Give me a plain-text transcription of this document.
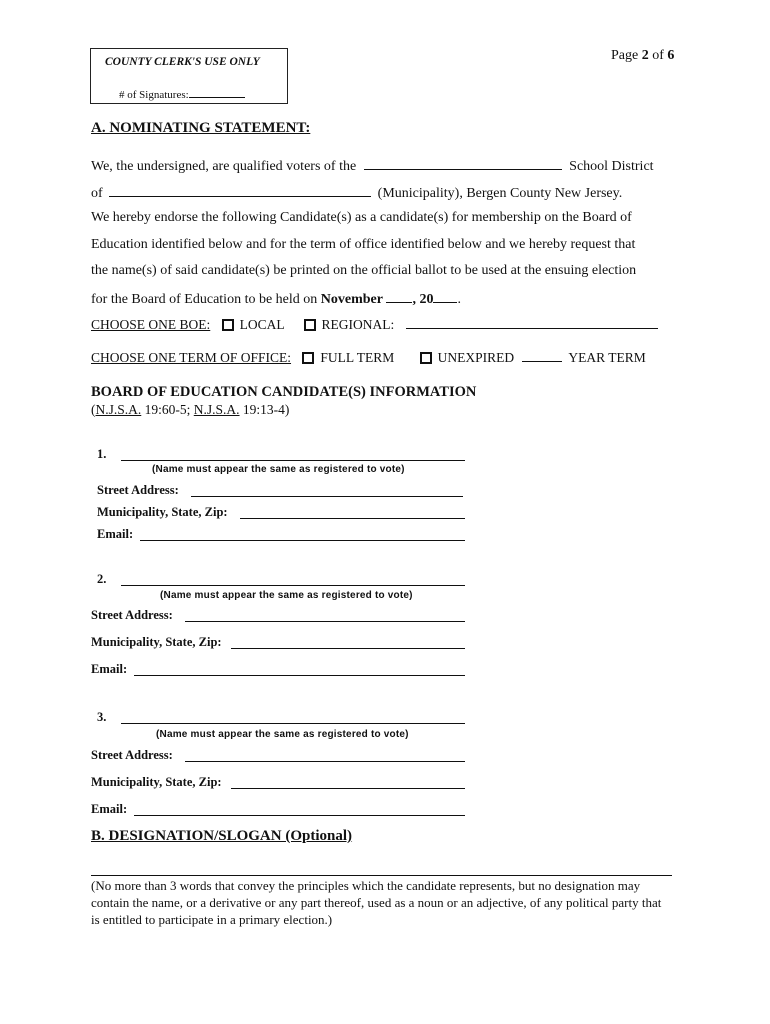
COUNTY CLERK'S USE ONLY
# of Signatures:
Page 2 of 6
A. NOMINATING STATEMENT:
We, the undersigned, are qualified voters of the	School District
of	(Municipality), Bergen County New Jersey.
We hereby endorse the following Candidate(s) as a candidate(s) for membership on the Board of
Education identified below and for the term of office identified below and we hereby request that
the name(s) of said candidate(s) be printed on the official ballot to be used at the ensuing election
for the Board of Education to be held on November , 20 .
CHOOSE ONE BOE: LOCAL	REGIONAL:
CHOOSE ONE TERM OF OFFICE: FULL TERM	UNEXPIRED	YEAR TERM
BOARD OF EDUCATION CANDIDATE(S) INFORMATION
(N.J.S.A. 19:60-5; N.J.S.A. 19:13-4)
1.
(Name must appear the same as registered to vote)
Street Address:
Municipality, State, Zip:
Email:
2.
(Name must appear the same as registered to vote)
Street Address:
Municipality, State, Zip:
Email:
3.
(Name must appear the same as registered to vote)
Street Address:
Municipality, State, Zip:
Email:
B. DESIGNATION/SLOGAN (Optional)
(No more than 3 words that convey the principles which the candidate represents, but no designation may contain the name, or a derivative or any part thereof, used as a noun or an adjective, of any political party that is entitled to participate in a primary election.)
